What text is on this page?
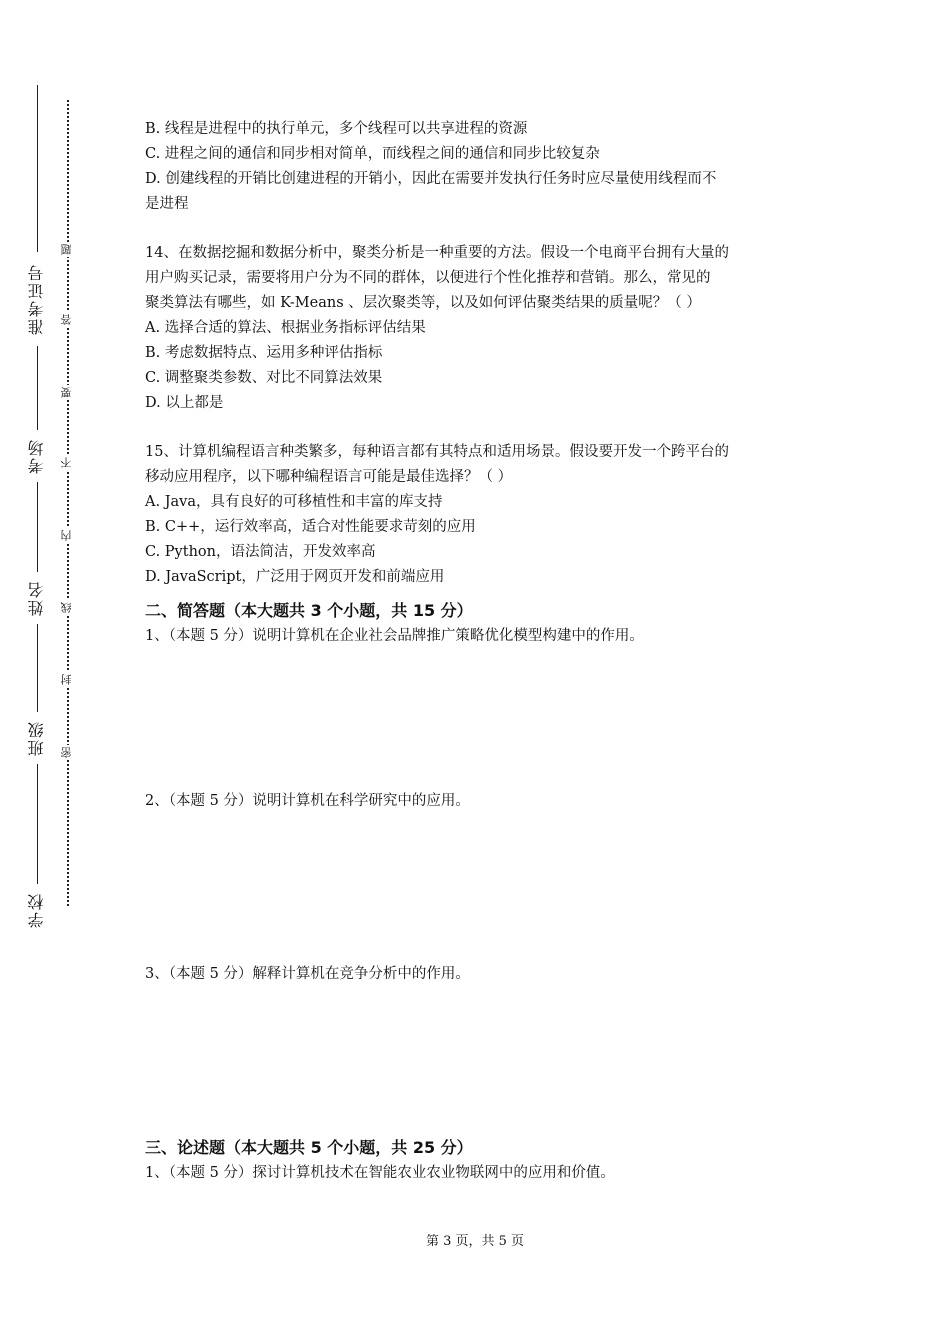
准考证号
考场
姓名
班级
学校
题
答
要
不
内
线
封
密
B. 线程是进程中的执行单元，多个线程可以共享进程的资源
C. 进程之间的通信和同步相对简单，而线程之间的通信和同步比较复杂
D. 创建线程的开销比创建进程的开销小，因此在需要并发执行任务时应尽量使用线程而不
是进程
14、在数据挖掘和数据分析中，聚类分析是一种重要的方法。假设一个电商平台拥有大量的
用户购买记录，需要将用户分为不同的群体，以便进行个性化推荐和营销。那么，常见的
聚类算法有哪些，如 K-Means 、层次聚类等，以及如何评估聚类结果的质量呢？（ ）
A. 选择合适的算法、根据业务指标评估结果
B. 考虑数据特点、运用多种评估指标
C. 调整聚类参数、对比不同算法效果
D. 以上都是
15、计算机编程语言种类繁多，每种语言都有其特点和适用场景。假设要开发一个跨平台的
移动应用程序，以下哪种编程语言可能是最佳选择？（ ）
A. Java，具有良好的可移植性和丰富的库支持
B. C++，运行效率高，适合对性能要求苛刻的应用
C. Python，语法简洁，开发效率高
D. JavaScript，广泛用于网页开发和前端应用
二、简答题（本大题共 3 个小题，共 15 分）
1、（本题 5 分）说明计算机在企业社会品牌推广策略优化模型构建中的作用。
2、（本题 5 分）说明计算机在科学研究中的应用。
3、（本题 5 分）解释计算机在竞争分析中的作用。
三、论述题（本大题共 5 个小题，共 25 分）
1、（本题 5 分）探讨计算机技术在智能农业农业物联网中的应用和价值。
第 3 页，共 5 页
